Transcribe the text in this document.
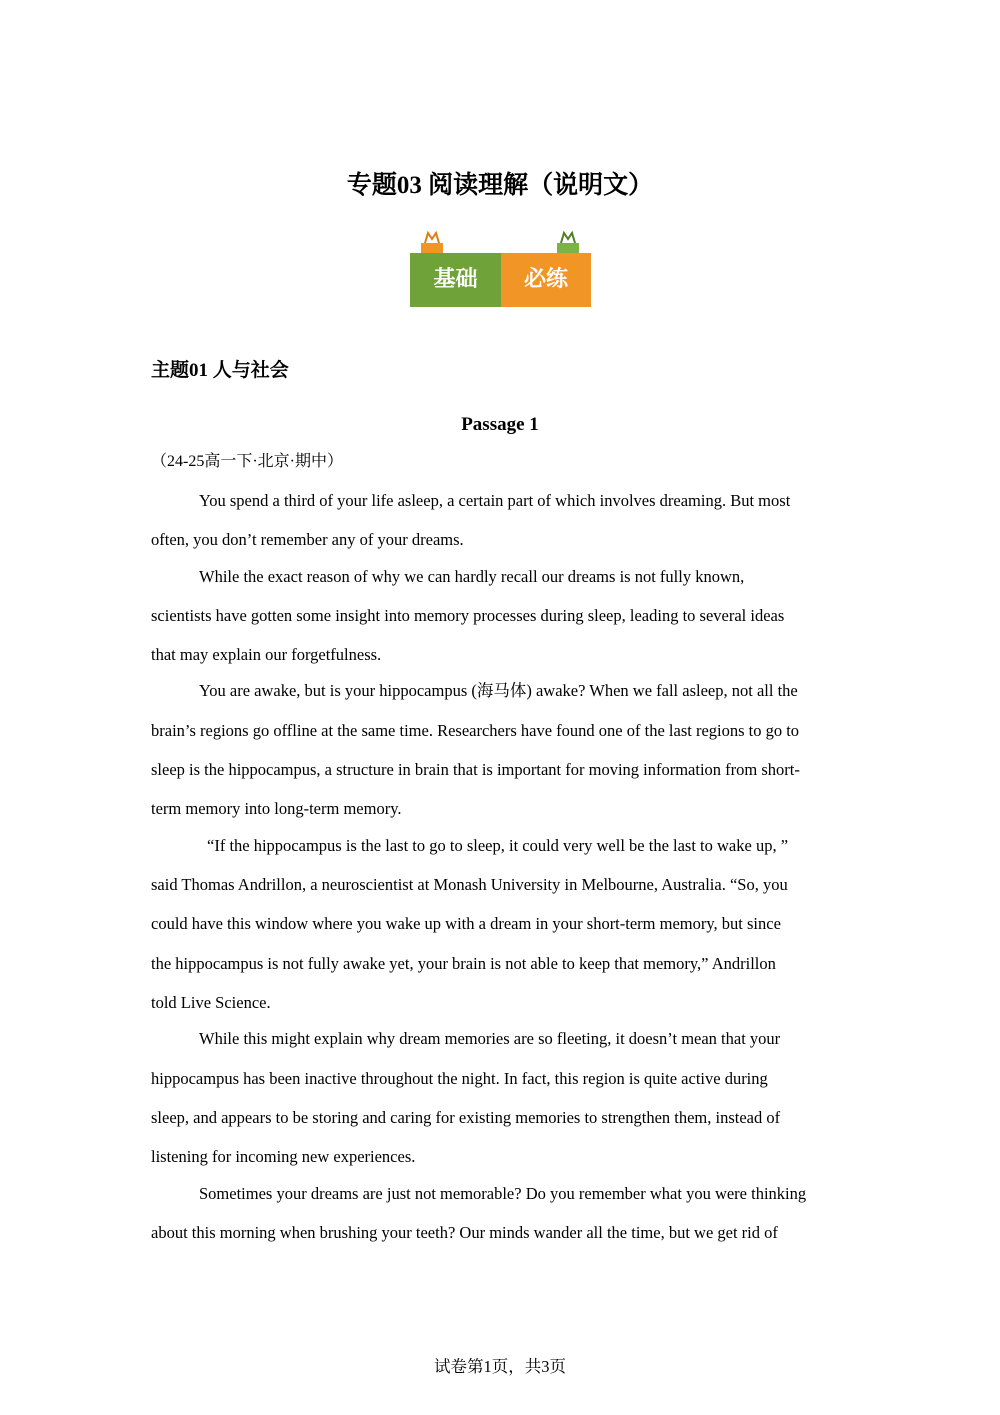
专题03 阅读理解（说明文）
基础	必练
主题01 人与社会
Passage 1
（24-25高一下·北京·期中）
You spend a third of your life asleep, a certain part of which involves dreaming. But most
often, you don’t remember any of your dreams.
While the exact reason of why we can hardly recall our dreams is not fully known,
scientists have gotten some insight into memory processes during sleep, leading to several ideas
that may explain our forgetfulness.
You are awake, but is your hippocampus (海马体) awake? When we fall asleep, not all the
brain’s regions go offline at the same time. Researchers have found one of the last regions to go to
sleep is the hippocampus, a structure in brain that is important for moving information from short-
term memory into long-term memory.
“If the hippocampus is the last to go to sleep, it could very well be the last to wake up, ”
said Thomas Andrillon, a neuroscientist at Monash University in Melbourne, Australia. “So, you
could have this window where you wake up with a dream in your short-term memory, but since
the hippocampus is not fully awake yet, your brain is not able to keep that memory,” Andrillon
told Live Science.
While this might explain why dream memories are so fleeting, it doesn’t mean that your
hippocampus has been inactive throughout the night. In fact, this region is quite active during
sleep, and appears to be storing and caring for existing memories to strengthen them, instead of
listening for incoming new experiences.
Sometimes your dreams are just not memorable? Do you remember what you were thinking
about this morning when brushing your teeth? Our minds wander all the time, but we get rid of
试卷第1页，共3页
